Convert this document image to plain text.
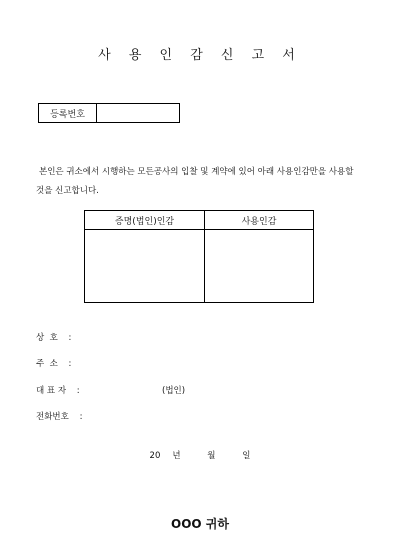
사 용 인 감 신 고 서
등록번호
본인은 귀소에서 시행하는 모든공사의 입찰 및 계약에 있어 아래 사용인감만을 사용할
것을 신고합니다.
증명(법인)인감	사용인감
상  호 :
주  소 :
대 표 자 :	(법인)
전화번호 :
20 년	월	일
OOO 귀하
